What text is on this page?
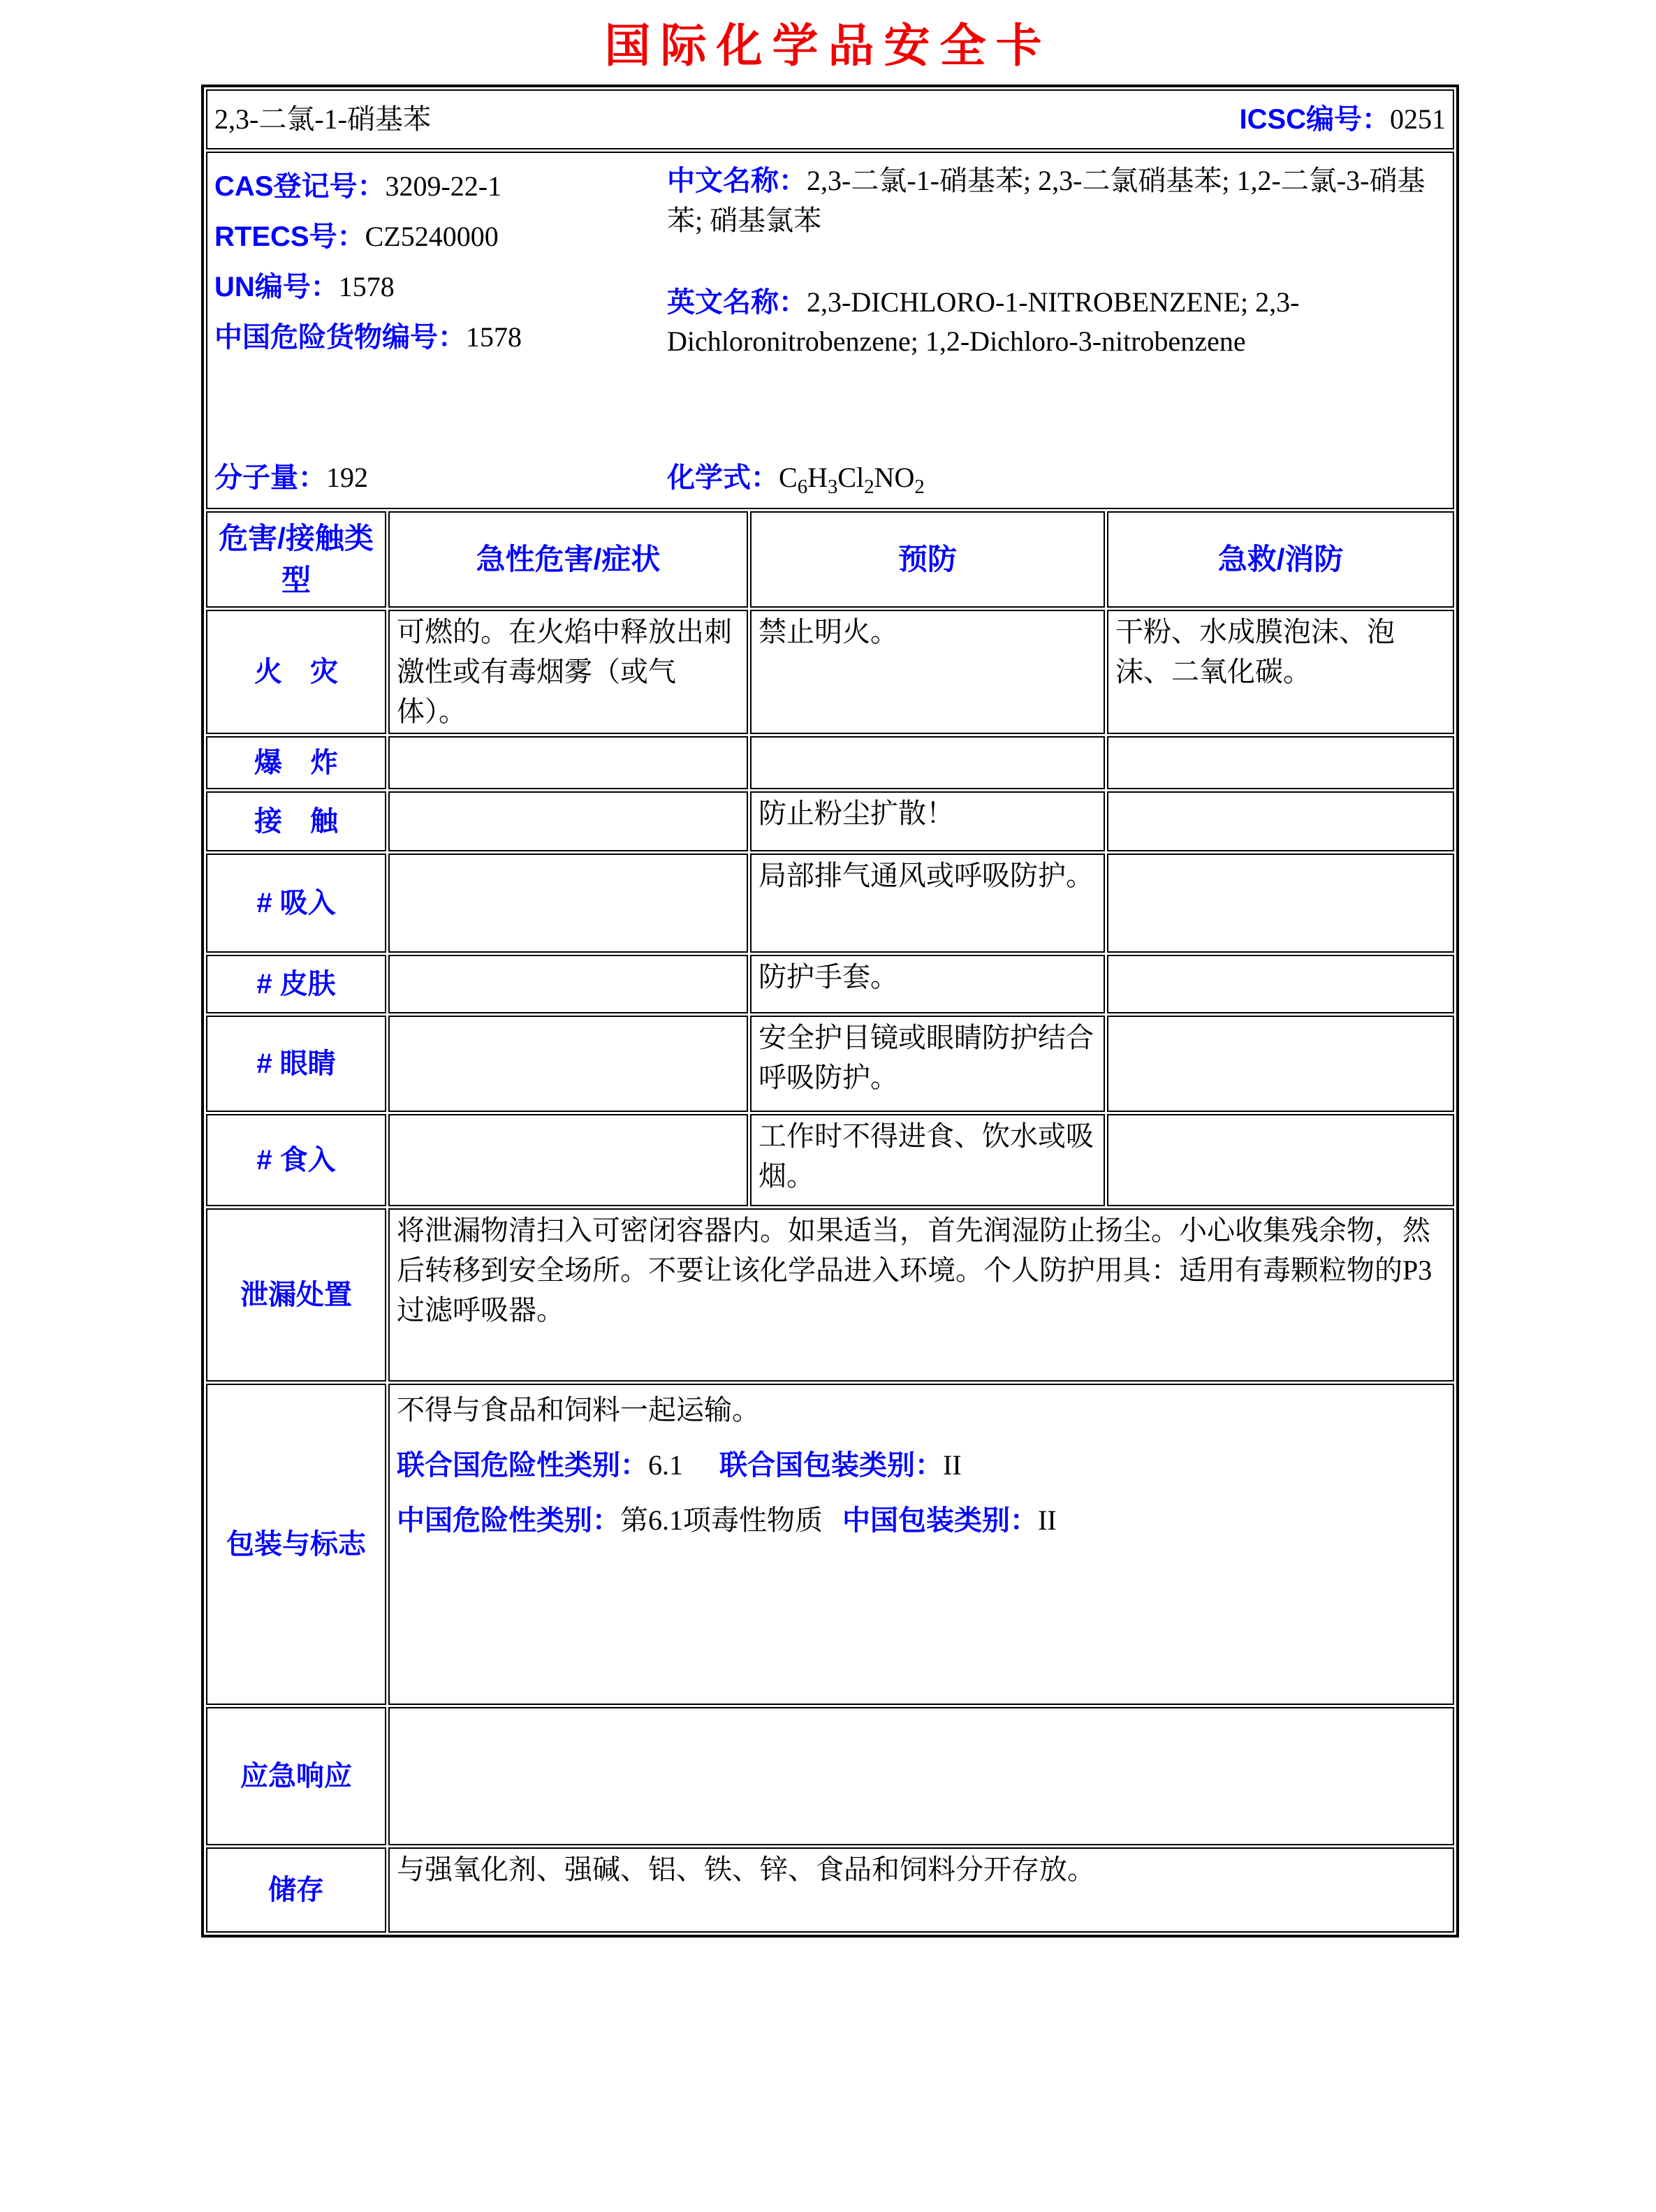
国际化学品安全卡
2,3-二氯-1-硝基苯 ICSC编号：0251			

CAS登记号：3209-22-1
RTECS号：CZ5240000
UN编号：1578
中国危险货物编号：1578

中文名称：2,3-二氯-1-硝基苯; 2,3-二氯硝基苯; 1,2-二氯-3-硝基苯; 硝基氯苯

英文名称：2,3-DICHLORO-1-NITROBENZENE; 2,3-Dichloronitrobenzene; 1,2-Dichloro-3-nitrobenzene

分子量：192	化学式：$C_6H_3Cl_2NO_2$

危害/接触类型	急性危害/症状	预防	急救/消防
火　灾	可燃的。在火焰中释放出刺激性或有毒烟雾（或气体）。	禁止明火。	干粉、水成膜泡沫、泡沫、二氧化碳。
爆　炸			
接　触		防止粉尘扩散！	
# 吸入		局部排气通风或呼吸防护。	
# 皮肤		防护手套。	
# 眼睛		安全护目镜或眼睛防护结合呼吸防护。	
# 食入		工作时不得进食、饮水或吸烟。	
泄漏处置	将泄漏物清扫入可密闭容器内。如果适当，首先润湿防止扬尘。小心收集残余物，然后转移到安全场所。不要让该化学品进入环境。个人防护用具：适用有毒颗粒物的P3过滤呼吸器。		

包装与标志	不得与食品和饲料一起运输。

联合国危险性类别：6.1 联合国包装类别：II

中国危险性类别：第6.1项毒性物质 中国包装类别：II		

应急响应			
储存	与强氧化剂、强碱、铝、铁、锌、食品和饲料分开存放。		
